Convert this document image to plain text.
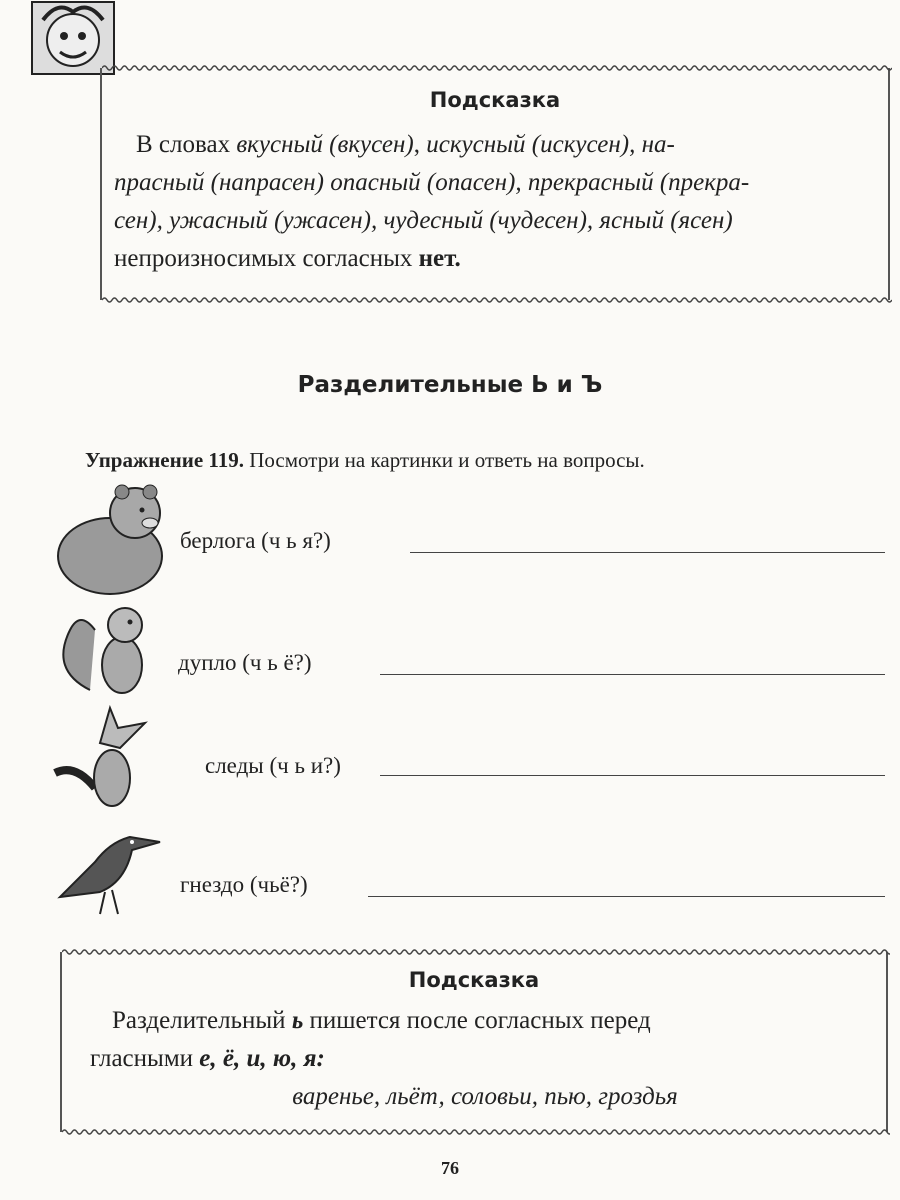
Подсказка
В словах вкусный (вкусен), искусный (искусен), на-
прасный (напрасен) опасный (опасен), прекрасный (прекра-
сен), ужасный (ужасен), чудесный (чудесен), ясный (ясен)
непроизносимых согласных нет.
Разделительные Ь и Ъ
Упражнение 119. Посмотри на картинки и ответь на вопросы.
берлога (ч ь я?)
дупло (ч ь ё?)
следы (ч ь и?)
гнездо (чьё?)
Подсказка
Разделительный ь пишется после согласных перед
гласными е, ё, и, ю, я:
варенье, льёт, соловьи, пью, гроздья
76
